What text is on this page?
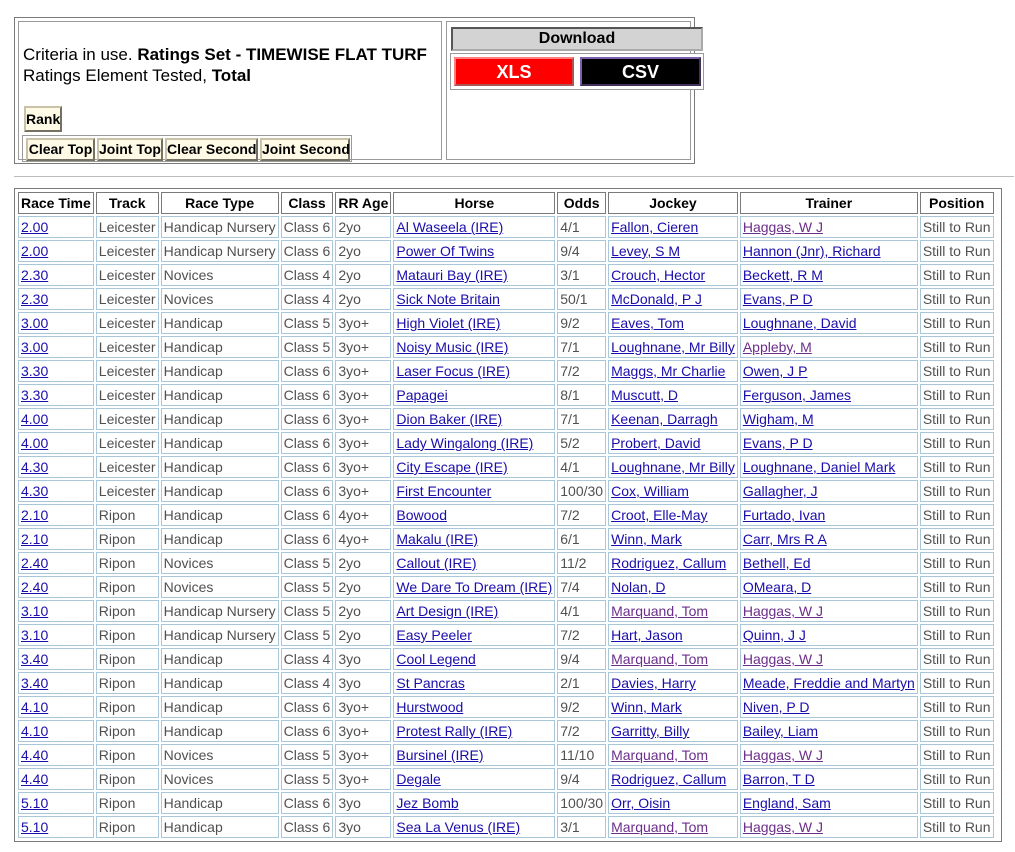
Criteria in use. Ratings Set - TIMEWISE FLAT TURF
Ratings Element Tested, Total
Rank
Clear Top Joint Top Clear Second Joint Second
Download
XLS	CSV
Race Time	Track	Race Type	Class	RR Age	Horse	Odds	Jockey	Trainer	Position
2.00	Leicester	Handicap Nursery	Class 6	2yo	Al Waseela (IRE)	4/1	Fallon, Cieren	Haggas, W J	Still to Run
2.00	Leicester	Handicap Nursery	Class 6	2yo	Power Of Twins	9/4	Levey, S M	Hannon (Jnr), Richard	Still to Run
2.30	Leicester	Novices	Class 4	2yo	Matauri Bay (IRE)	3/1	Crouch, Hector	Beckett, R M	Still to Run
2.30	Leicester	Novices	Class 4	2yo	Sick Note Britain	50/1	McDonald, P J	Evans, P D	Still to Run
3.00	Leicester	Handicap	Class 5	3yo+	High Violet (IRE)	9/2	Eaves, Tom	Loughnane, David	Still to Run
3.00	Leicester	Handicap	Class 5	3yo+	Noisy Music (IRE)	7/1	Loughnane, Mr Billy	Appleby, M	Still to Run
3.30	Leicester	Handicap	Class 6	3yo+	Laser Focus (IRE)	7/2	Maggs, Mr Charlie	Owen, J P	Still to Run
3.30	Leicester	Handicap	Class 6	3yo+	Papagei	8/1	Muscutt, D	Ferguson, James	Still to Run
4.00	Leicester	Handicap	Class 6	3yo+	Dion Baker (IRE)	7/1	Keenan, Darragh	Wigham, M	Still to Run
4.00	Leicester	Handicap	Class 6	3yo+	Lady Wingalong (IRE)	5/2	Probert, David	Evans, P D	Still to Run
4.30	Leicester	Handicap	Class 6	3yo+	City Escape (IRE)	4/1	Loughnane, Mr Billy	Loughnane, Daniel Mark	Still to Run
4.30	Leicester	Handicap	Class 6	3yo+	First Encounter	100/30	Cox, William	Gallagher, J	Still to Run
2.10	Ripon	Handicap	Class 6	4yo+	Bowood	7/2	Croot, Elle-May	Furtado, Ivan	Still to Run
2.10	Ripon	Handicap	Class 6	4yo+	Makalu (IRE)	6/1	Winn, Mark	Carr, Mrs R A	Still to Run
2.40	Ripon	Novices	Class 5	2yo	Callout (IRE)	11/2	Rodriguez, Callum	Bethell, Ed	Still to Run
2.40	Ripon	Novices	Class 5	2yo	We Dare To Dream (IRE)	7/4	Nolan, D	OMeara, D	Still to Run
3.10	Ripon	Handicap Nursery	Class 5	2yo	Art Design (IRE)	4/1	Marquand, Tom	Haggas, W J	Still to Run
3.10	Ripon	Handicap Nursery	Class 5	2yo	Easy Peeler	7/2	Hart, Jason	Quinn, J J	Still to Run
3.40	Ripon	Handicap	Class 4	3yo	Cool Legend	9/4	Marquand, Tom	Haggas, W J	Still to Run
3.40	Ripon	Handicap	Class 4	3yo	St Pancras	2/1	Davies, Harry	Meade, Freddie and Martyn	Still to Run
4.10	Ripon	Handicap	Class 6	3yo+	Hurstwood	9/2	Winn, Mark	Niven, P D	Still to Run
4.10	Ripon	Handicap	Class 6	3yo+	Protest Rally (IRE)	7/2	Garritty, Billy	Bailey, Liam	Still to Run
4.40	Ripon	Novices	Class 5	3yo+	Bursinel (IRE)	11/10	Marquand, Tom	Haggas, W J	Still to Run
4.40	Ripon	Novices	Class 5	3yo+	Degale	9/4	Rodriguez, Callum	Barron, T D	Still to Run
5.10	Ripon	Handicap	Class 6	3yo	Jez Bomb	100/30	Orr, Oisin	England, Sam	Still to Run
5.10	Ripon	Handicap	Class 6	3yo	Sea La Venus (IRE)	3/1	Marquand, Tom	Haggas, W J	Still to Run
